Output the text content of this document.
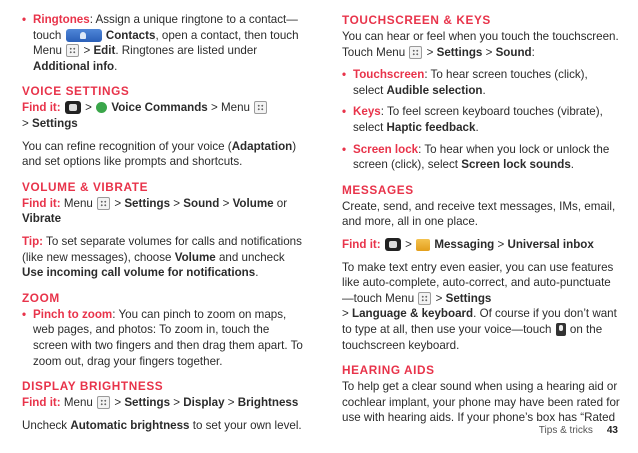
• Ringtones: Assign a unique ringtone to a contact—touch	Contacts, open a contact, then touch Menu  > Edit. Ringtones are listed under Additional info.
VOICE SETTINGS

Find it:  >  Voice Commands > Menu
> Settings

You can refine recognition of your voice (Adaptation) and set options like prompts and shortcuts.

VOLUME & VIBRATE

Find it: Menu  > Settings > Sound > Volume or Vibrate

Tip: To set separate volumes for calls and notifications (like new messages), choose Volume and uncheck Use incoming call volume for notifications.

ZOOM
• Pinch to zoom: You can pinch to zoom on maps, web pages, and photos: To zoom in, touch the screen with two fingers and then drag them apart. To zoom out, drag your fingers together.
DISPLAY BRIGHTNESS

Find it: Menu  > Settings > Display > Brightness

Uncheck Automatic brightness to set your own level.

TOUCHSCREEN & KEYS

You can hear or feel when you touch the touchscreen. Touch Menu  > Settings > Sound:

• Touchscreen: To hear screen touches (click), select Audible selection.
• Keys: To feel screen keyboard touches (vibrate), select Haptic feedback.
• Screen lock: To hear when you lock or unlock the screen (click), select Screen lock sounds.
MESSAGES

Create, send, and receive text messages, IMs, email, and more, all in one place.

Find it:  >  Messaging > Universal inbox

To make text entry even easier, you can use features like auto-complete, auto-correct, and auto-punctuate—touch Menu  > Settings
> Language & keyboard. Of course if you don’t want to type at all, then use your voice—touch  on the touchscreen keyboard.

HEARING AIDS

To help get a clear sound when using a hearing aid or cochlear implant, your phone may have been rated for use with hearing aids. If your phone’s box has “Rated

Tips & tricks 43
